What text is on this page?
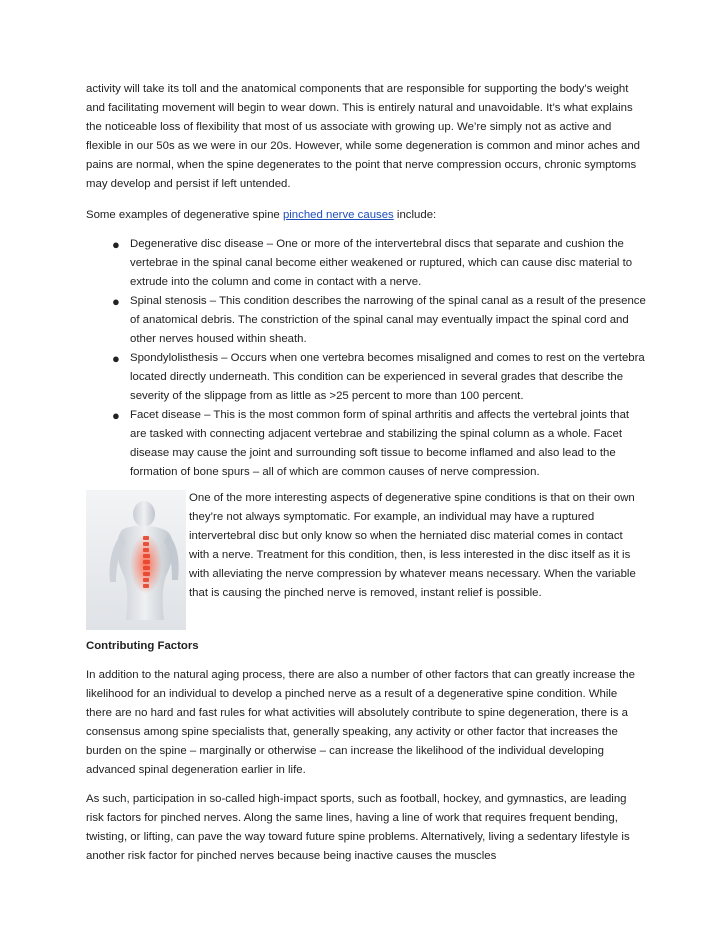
activity will take its toll and the anatomical components that are responsible for supporting the body’s weight and facilitating movement will begin to wear down. This is entirely natural and unavoidable. It’s what explains the noticeable loss of flexibility that most of us associate with growing up. We’re simply not as active and flexible in our 50s as we were in our 20s. However, while some degeneration is common and minor aches and pains are normal, when the spine degenerates to the point that nerve compression occurs, chronic symptoms may develop and persist if left untended.

Some examples of degenerative spine pinched nerve causes include:

● Degenerative disc disease – One or more of the intervertebral discs that separate and cushion the vertebrae in the spinal canal become either weakened or ruptured, which can cause disc material to extrude into the column and come in contact with a nerve.
● Spinal stenosis – This condition describes the narrowing of the spinal canal as a result of the presence of anatomical debris. The constriction of the spinal canal may eventually impact the spinal cord and other nerves housed within sheath.
● Spondylolisthesis – Occurs when one vertebra becomes misaligned and comes to rest on the vertebra located directly underneath. This condition can be experienced in several grades that describe the severity of the slippage from as little as >25 percent to more than 100 percent.
● Facet disease – This is the most common form of spinal arthritis and affects the vertebral joints that are tasked with connecting adjacent vertebrae and stabilizing the spinal column as a whole. Facet disease may cause the joint and surrounding soft tissue to become inflamed and also lead to the formation of bone spurs – all of which are common causes of nerve compression.

One of the more interesting aspects of degenerative spine conditions is that on their own they’re not always symptomatic. For example, an individual may have a ruptured intervertebral disc but only know so when the herniated disc material comes in contact with a nerve. Treatment for this condition, then, is less interested in the disc itself as it is with alleviating the nerve compression by whatever means necessary. When the variable that is causing the pinched nerve is removed, instant relief is possible.

Contributing Factors

In addition to the natural aging process, there are also a number of other factors that can greatly increase the likelihood for an individual to develop a pinched nerve as a result of a degenerative spine condition. While there are no hard and fast rules for what activities will absolutely contribute to spine degeneration, there is a consensus among spine specialists that, generally speaking, any activity or other factor that increases the burden on the spine – marginally or otherwise – can increase the likelihood of the individual developing advanced spinal degeneration earlier in life.

As such, participation in so-called high-impact sports, such as football, hockey, and gymnastics, are leading risk factors for pinched nerves. Along the same lines, having a line of work that requires frequent bending, twisting, or lifting, can pave the way toward future spine problems. Alternatively, living a sedentary lifestyle is another risk factor for pinched nerves because being inactive causes the muscles
